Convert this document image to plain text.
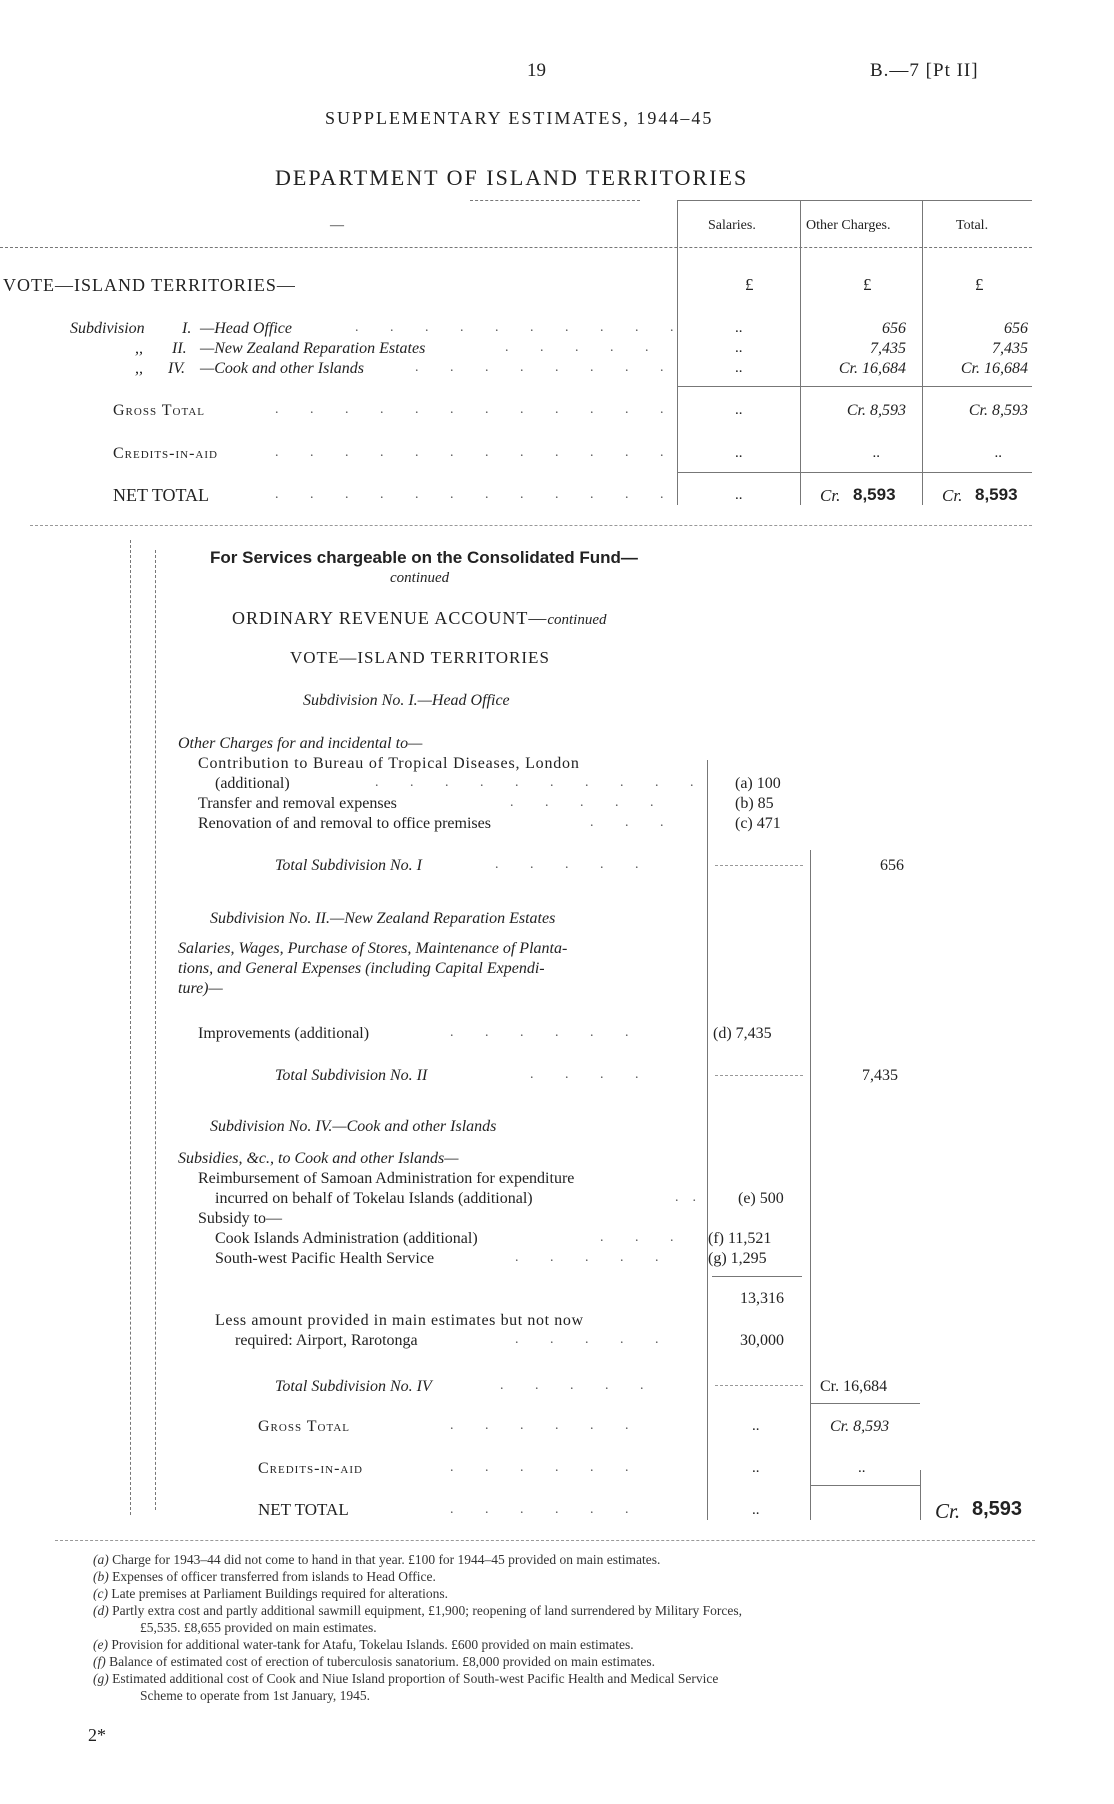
19	B.—7 [Pt II]
SUPPLEMENTARY ESTIMATES, 1944–45
DEPARTMENT OF ISLAND TERRITORIES
—	Salaries.	Other Charges.	Total.
VOTE—ISLAND TERRITORIES—	£	£	£
Subdivision I. —Head Office	. . . . . . . . . .	..	656	656
,, II. —New Zealand Reparation Estates	. . . . .	..	7,435	7,435
,, IV. —Cook and other Islands	. . . . . . . .	..	Cr. 16,684	Cr. 16,684
Gross Total	. . . . . . . . . . . .	..	Cr. 8,593	Cr. 8,593
Credits-in-aid	. . . . . . . . . . . .	..	..	..
NET TOTAL	. . . . . . . . . . . .	..	Cr. 8,593	Cr. 8,593
For Services chargeable on the Consolidated Fund—
continued
ORDINARY REVENUE ACCOUNT—continued
VOTE—ISLAND TERRITORIES
Subdivision No. I.—Head Office
Other Charges for and incidental to—
Contribution to Bureau of Tropical Diseases, London
(additional)	. . . . . . . . . . (a) 100
Transfer and removal expenses	. . . . .	(b) 85
Renovation of and removal to office premises	. . .	(c) 471
Total Subdivision No. I	. . . . .	656
Subdivision No. II.—New Zealand Reparation Estates
Salaries, Wages, Purchase of Stores, Maintenance of Planta-
tions, and General Expenses (including Capital Expendi-
ture)—
Improvements (additional)	. . . . . .	(d) 7,435
Total Subdivision No. II	. . . .	7,435
Subdivision No. IV.—Cook and other Islands
Subsidies, &c., to Cook and other Islands—
Reimbursement of Samoan Administration for expenditure
incurred on behalf of Tokelau Islands (additional)	.. (e) 500
Subsidy to—
Cook Islands Administration (additional)	. . . (f) 11,521
South-west Pacific Health Service	. . . . . (g) 1,295
13,316
Less amount provided in main estimates but not now
required: Airport, Rarotonga	. . . . .	30,000
Total Subdivision No. IV	. . . . .	Cr. 16,684
Gross Total	. . . . . .	..	Cr. 8,593
Credits-in-aid	. . . . . .	..	..
NET TOTAL	. . . . . .	..	Cr. 8,593
(a) Charge for 1943–44 did not come to hand in that year. £100 for 1944–45 provided on main estimates.
(b) Expenses of officer transferred from islands to Head Office.
(c) Late premises at Parliament Buildings required for alterations.
(d) Partly extra cost and partly additional sawmill equipment, £1,900; reopening of land surrendered by Military Forces,
£5,535. £8,655 provided on main estimates.
(e) Provision for additional water-tank for Atafu, Tokelau Islands. £600 provided on main estimates.
(f) Balance of estimated cost of erection of tuberculosis sanatorium. £8,000 provided on main estimates.
(g) Estimated additional cost of Cook and Niue Island proportion of South-west Pacific Health and Medical Service
Scheme to operate from 1st January, 1945.
2*
